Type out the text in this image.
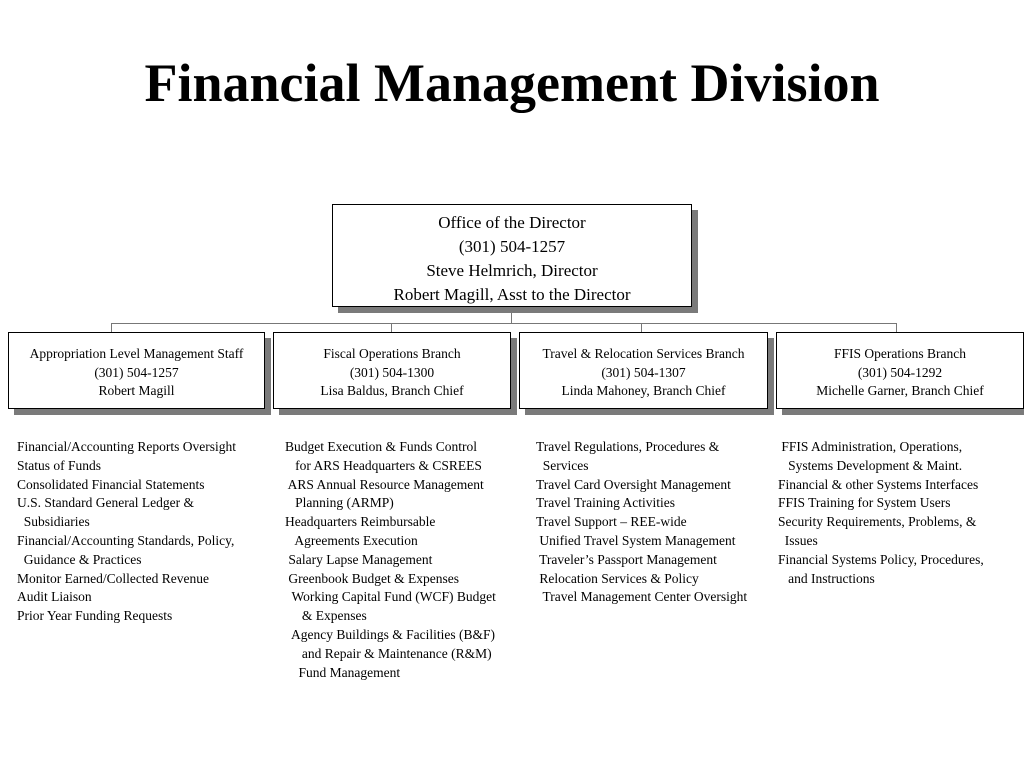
Financial Management Division
Office of the Director
(301) 504-1257
Steve Helmrich, Director
Robert Magill, Asst to the Director
Appropriation Level Management Staff
(301) 504-1257
Robert Magill
Fiscal Operations Branch
(301) 504-1300
Lisa Baldus, Branch Chief
Travel & Relocation Services Branch
(301) 504-1307
Linda Mahoney, Branch Chief
FFIS Operations Branch
(301) 504-1292
Michelle Garner, Branch Chief
Financial/Accounting Reports Oversight
Status of Funds
Consolidated Financial Statements
U.S. Standard General Ledger &
Subsidiaries
Financial/Accounting Standards, Policy,
Guidance & Practices
Monitor Earned/Collected Revenue
Audit Liaison
Prior Year Funding Requests
Budget Execution & Funds Control
for ARS Headquarters & CSREES
ARS Annual Resource Management
Planning (ARMP)
Headquarters Reimbursable
Agreements Execution
Salary Lapse Management
Greenbook Budget & Expenses
Working Capital Fund (WCF) Budget
& Expenses
Agency Buildings & Facilities (B&F)
and Repair & Maintenance (R&M)
Fund Management
Travel Regulations, Procedures &
Services
Travel Card Oversight Management
Travel Training Activities
Travel Support – REE-wide
Unified Travel System Management
Traveler’s Passport Management
Relocation Services & Policy
Travel Management Center Oversight
FFIS Administration, Operations,
Systems Development & Maint.
Financial & other Systems Interfaces
FFIS Training for System Users
Security Requirements, Problems, &
Issues
Financial Systems Policy, Procedures,
and Instructions
